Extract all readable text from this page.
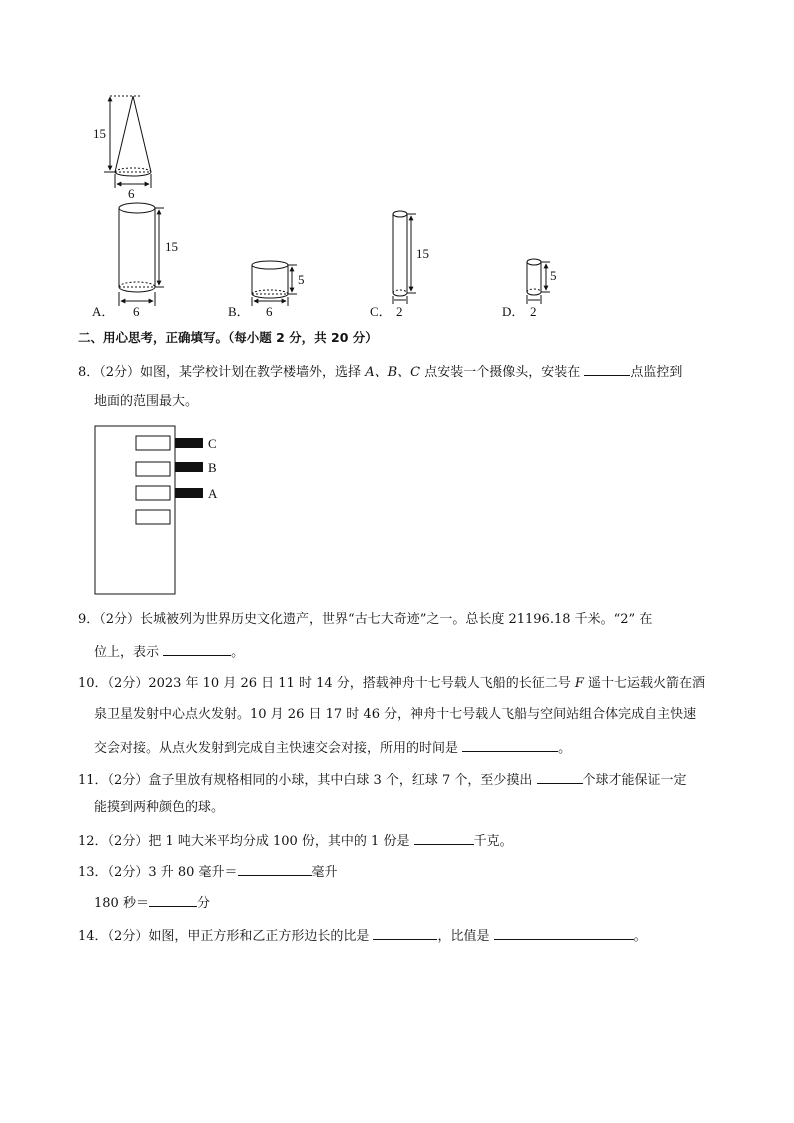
15
6
15
6
A．
5
6
B．
15
2
C．
5
2
D．
二、用心思考，正确填写。（每小题 2 分，共 20 分）
8．（2分）如图，某学校计划在教学楼墙外，选择 A、B、C 点安装一个摄像头，安装在	点监控到
地面的范围最大。
C
B
A
9．（2分）长城被列为世界历史文化遗产，世界“古七大奇迹”之一。总长度 21196.18 千米。“2” 在
位上，表示	。
10．（2分）2023 年 10 月 26 日 11 时 14 分，搭载神舟十七号载人飞船的长征二号 F 遥十七运载火箭在酒
泉卫星发射中心点火发射。10 月 26 日 17 时 46 分，神舟十七号载人飞船与空间站组合体完成自主快速
交会对接。从点火发射到完成自主快速交会对接，所用的时间是	。
11．（2分）盒子里放有规格相同的小球，其中白球 3 个，红球 7 个，至少摸出	个球才能保证一定
能摸到两种颜色的球。
12．（2分）把 1 吨大米平均分成 100 份，其中的 1 份是	千克。
13．（2分）3 升 80 毫升＝	毫升
180 秒＝	分
14．（2分）如图，甲正方形和乙正方形边长的比是	，比值是	。
